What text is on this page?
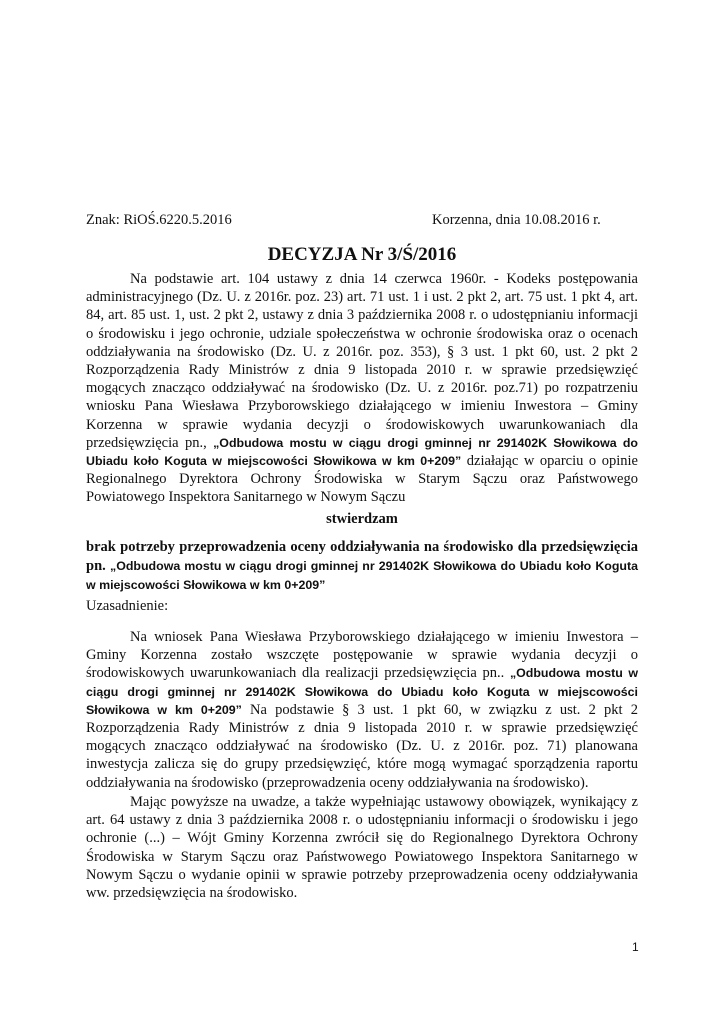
Znak: RiOŚ.6220.5.2016	Korzenna, dnia 10.08.2016 r.
DECYZJA Nr 3/Ś/2016

Na podstawie art. 104 ustawy z dnia 14 czerwca 1960r. - Kodeks postępowania administracyjnego (Dz. U. z 2016r. poz. 23) art. 71 ust. 1 i ust. 2 pkt 2, art. 75 ust. 1 pkt 4, art. 84, art. 85 ust. 1, ust. 2 pkt 2, ustawy z dnia 3 października 2008 r. o udostępnianiu informacji o środowisku i jego ochronie, udziale społeczeństwa w ochronie środowiska oraz o ocenach oddziaływania na środowisko (Dz. U. z 2016r. poz. 353), § 3 ust. 1 pkt 60, ust. 2 pkt 2 Rozporządzenia Rady Ministrów z dnia 9 listopada 2010 r. w sprawie przedsięwzięć mogących znacząco oddziaływać na środowisko (Dz. U. z 2016r. poz.71) po rozpatrzeniu wniosku Pana Wiesława Przyborowskiego działającego w imieniu Inwestora – Gminy Korzenna w sprawie wydania decyzji o środowiskowych uwarunkowaniach dla przedsięwzięcia pn., „Odbudowa mostu w ciągu drogi gminnej nr 291402K Słowikowa do Ubiadu koło Koguta w miejscowości Słowikowa w km 0+209” działając w oparciu o opinie Regionalnego Dyrektora Ochrony Środowiska w Starym Sączu oraz Państwowego Powiatowego Inspektora Sanitarnego w Nowym Sączu

stwierdzam

brak potrzeby przeprowadzenia oceny oddziaływania na środowisko dla przedsięwzięcia pn. „Odbudowa mostu w ciągu drogi gminnej nr 291402K Słowikowa do Ubiadu koło Koguta w miejscowości Słowikowa w km 0+209”

Uzasadnienie:

Na wniosek Pana Wiesława Przyborowskiego działającego w imieniu Inwestora – Gminy Korzenna zostało wszczęte postępowanie w sprawie wydania decyzji o środowiskowych uwarunkowaniach dla realizacji przedsięwzięcia pn.. „Odbudowa mostu w ciągu drogi gminnej nr 291402K Słowikowa do Ubiadu koło Koguta w miejscowości Słowikowa w km 0+209” Na podstawie § 3 ust. 1 pkt 60, w związku z ust. 2 pkt 2 Rozporządzenia Rady Ministrów z dnia 9 listopada 2010 r. w sprawie przedsięwzięć mogących znacząco oddziaływać na środowisko (Dz. U. z 2016r. poz. 71) planowana inwestycja zalicza się do grupy przedsięwzięć, które mogą wymagać sporządzenia raportu oddziaływania na środowisko (przeprowadzenia oceny oddziaływania na środowisko).

Mając powyższe na uwadze, a także wypełniając ustawowy obowiązek, wynikający z art. 64 ustawy z dnia 3 października 2008 r. o udostępnianiu informacji o środowisku i jego ochronie (...) – Wójt Gminy Korzenna zwrócił się do Regionalnego Dyrektora Ochrony Środowiska w Starym Sączu oraz Państwowego Powiatowego Inspektora Sanitarnego w Nowym Sączu o wydanie opinii w sprawie potrzeby przeprowadzenia oceny oddziaływania ww. przedsięwzięcia na środowisko.

1
